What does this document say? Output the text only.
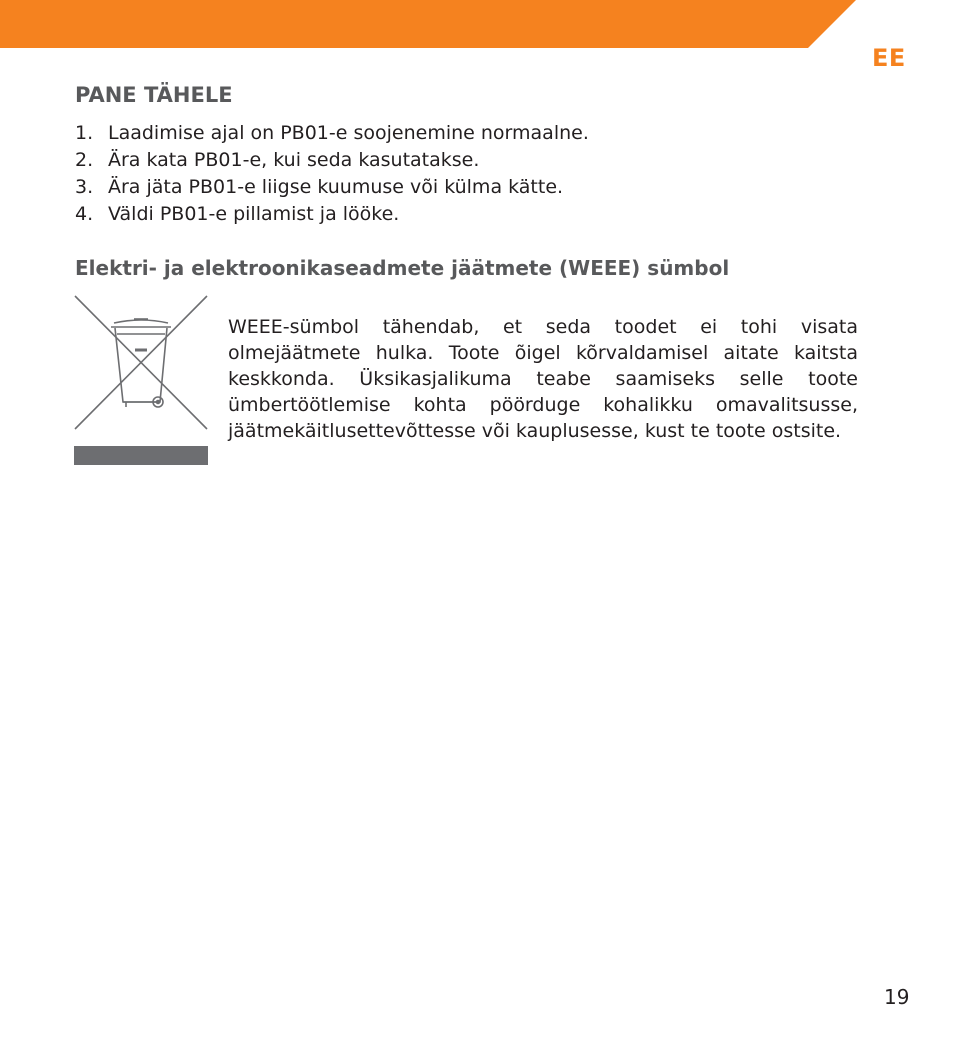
EE
PANE TÄHELE
1. Laadimise ajal on PB01-e soojenemine normaalne.
2. Ära kata PB01-e, kui seda kasutatakse.
3. Ära jäta PB01-e liigse kuumuse või külma kätte.
4. Väldi PB01-e pillamist ja lööke.
Elektri- ja elektroonikaseadmete jäätmete (WEEE) sümbol

WEEE-sümbol tähendab, et seda toodet ei tohi visata olmejäätmete hulka. Toote õigel kõrvaldamisel aitate kaitsta keskkonda. Üksikasjalikuma teabe saamiseks selle toote ümbertöötlemise kohta pöörduge kohalikku omavalitsusse, jäätmekäitlusettevõttesse või kauplusesse, kust te toote ostsite.

19
